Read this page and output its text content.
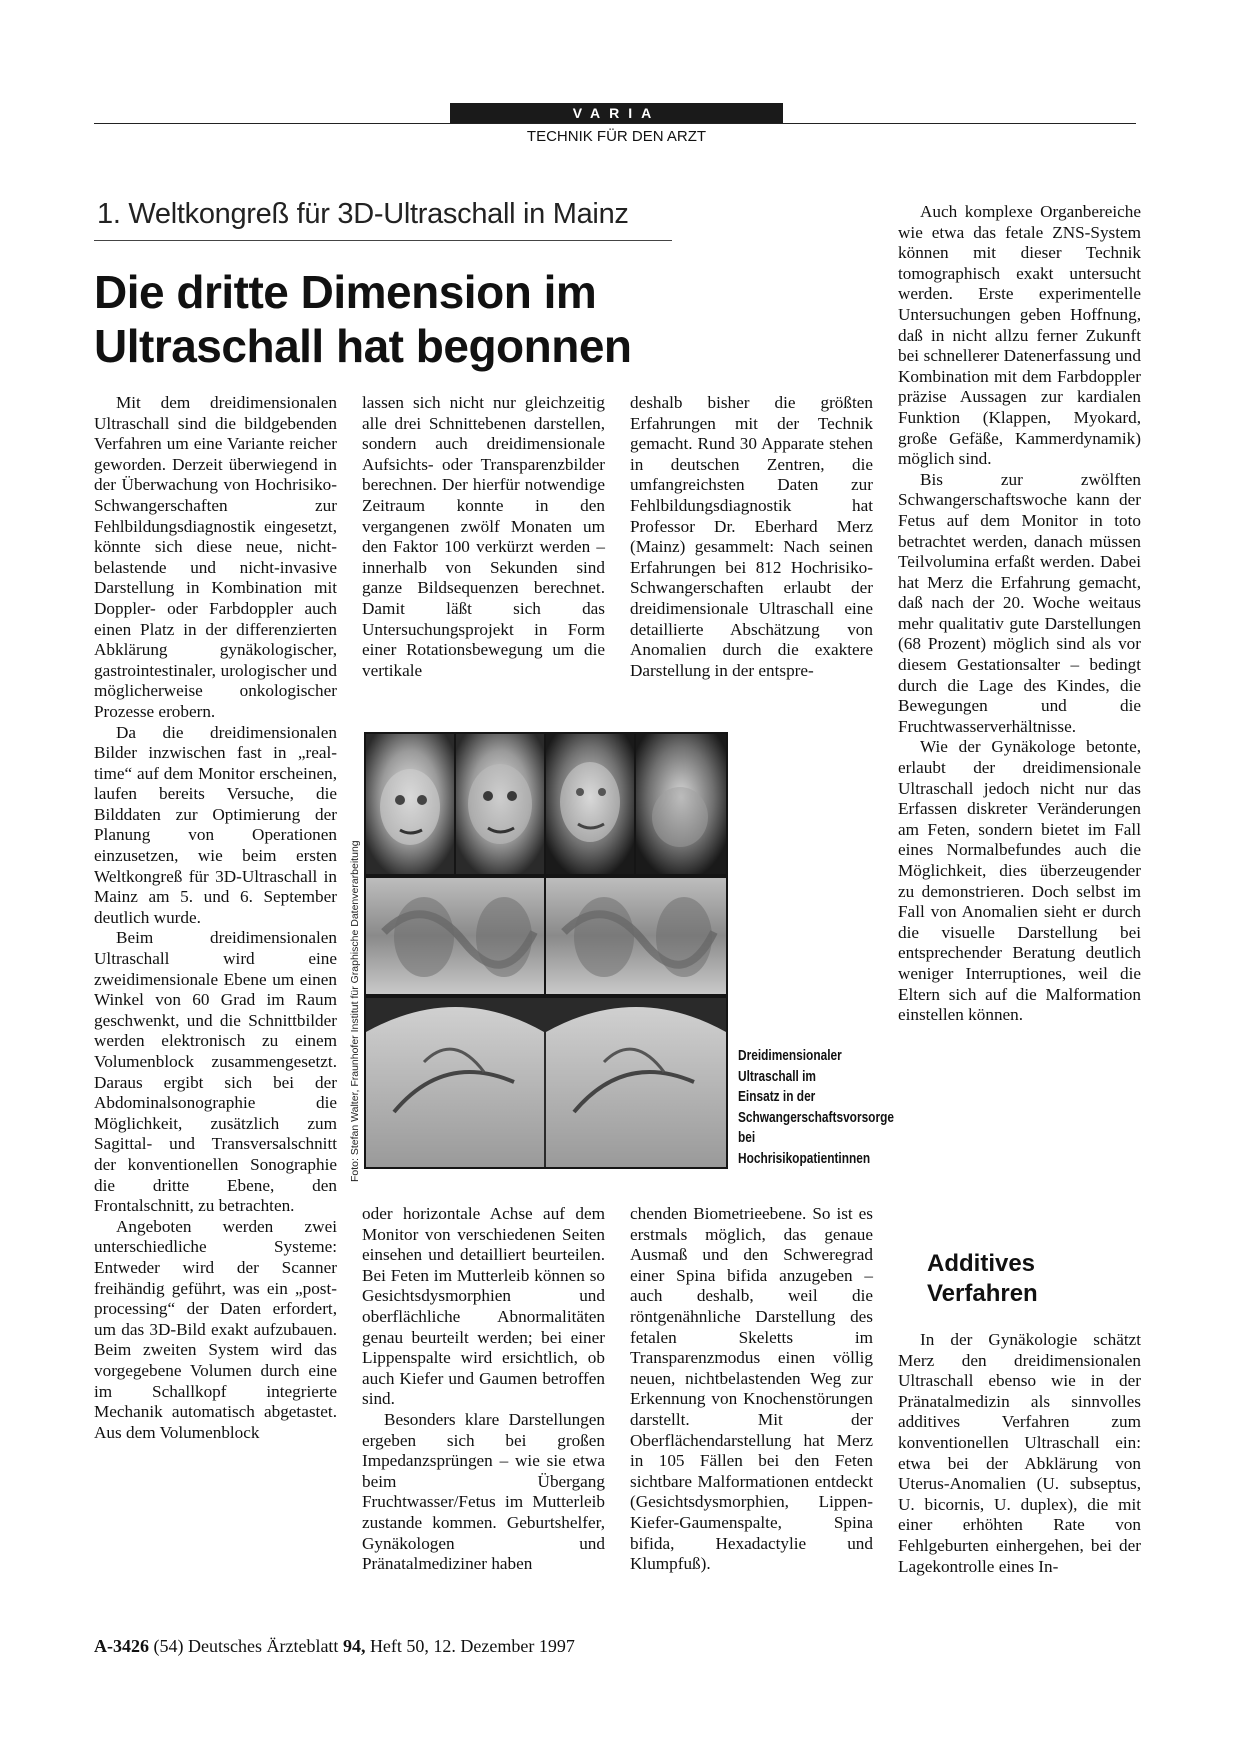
VARIA
TECHNIK FÜR DEN ARZT
1. Weltkongreß für 3D-Ultraschall in Mainz
Die dritte Dimension im
Ultraschall hat begonnen

Mit dem dreidimensionalen Ultraschall sind die bildgebenden Verfahren um eine Variante reicher geworden. Derzeit überwiegend in der Überwachung von Hochrisiko-Schwangerschaften zur Fehlbildungsdiagnostik eingesetzt, könnte sich diese neue, nicht-belastende und nicht-invasive Darstellung in Kombination mit Doppler- oder Farbdoppler auch einen Platz in der differenzierten Abklärung gynäkologischer, gastrointestinaler, urologischer und möglicherweise onkologischer Prozesse erobern.

Da die dreidimensionalen Bilder inzwischen fast in „real-time“ auf dem Monitor erscheinen, laufen bereits Versuche, die Bilddaten zur Optimierung der Planung von Operationen einzusetzen, wie beim ersten Weltkongreß für 3D-Ultraschall in Mainz am 5. und 6. September deutlich wurde.

Beim dreidimensionalen Ultraschall wird eine zweidimensionale Ebene um einen Winkel von 60 Grad im Raum geschwenkt, und die Schnittbilder werden elektronisch zu einem Volumenblock zusammengesetzt. Daraus ergibt sich bei der Abdominalsonographie die Möglichkeit, zusätzlich zum Sagittal- und Transversalschnitt der konventionellen Sonographie die dritte Ebene, den Frontalschnitt, zu betrachten.

Angeboten werden zwei unterschiedliche Systeme: Entweder wird der Scanner freihändig geführt, was ein „post-processing“ der Daten erfordert, um das 3D-Bild exakt aufzubauen. Beim zweiten System wird das vorgegebene Volumen durch eine im Schallkopf integrierte Mechanik automatisch abgetastet. Aus dem Volumenblock

lassen sich nicht nur gleichzeitig alle drei Schnittebenen darstellen, sondern auch dreidimensionale Aufsichts- oder Transparenzbilder berechnen. Der hierfür notwendige Zeitraum konnte in den vergangenen zwölf Monaten um den Faktor 100 verkürzt werden – innerhalb von Sekunden sind ganze Bildsequenzen berechnet. Damit läßt sich das Untersuchungsprojekt in Form einer Rotationsbewegung um die vertikale

deshalb bisher die größten Erfahrungen mit der Technik gemacht. Rund 30 Apparate stehen in deutschen Zentren, die umfangreichsten Daten zur Fehlbildungsdiagnostik hat Professor Dr. Eberhard Merz (Mainz) gesammelt: Nach seinen Erfahrungen bei 812 Hochrisiko-Schwangerschaften erlaubt der dreidimensionale Ultraschall eine detaillierte Abschätzung von Anomalien durch die exaktere Darstellung in der entspre-

Foto: Stefan Walter, Fraunhofer Institut für Graphische Datenverarbeitung	Dreidimensionaler Ultraschall im Einsatz in der Schwangerschaftsvorsorge bei Hochrisikopatientinnen

oder horizontale Achse auf dem Monitor von verschiedenen Seiten einsehen und detailliert beurteilen. Bei Feten im Mutterleib können so Gesichtsdysmorphien und oberflächliche Abnormalitäten genau beurteilt werden; bei einer Lippenspalte wird ersichtlich, ob auch Kiefer und Gaumen betroffen sind.

Besonders klare Darstellungen ergeben sich bei großen Impedanzsprüngen – wie sie etwa beim Übergang Fruchtwasser/Fetus im Mutterleib zustande kommen. Geburtshelfer, Gynäkologen und Pränatalmediziner haben

chenden Biometrieebene. So ist es erstmals möglich, das genaue Ausmaß und den Schweregrad einer Spina bifida anzugeben – auch deshalb, weil die röntgenähnliche Darstellung des fetalen Skeletts im Transparenzmodus einen völlig neuen, nichtbelastenden Weg zur Erkennung von Knochenstörungen darstellt. Mit der Oberflächendarstellung hat Merz in 105 Fällen bei den Feten sichtbare Malformationen entdeckt (Gesichtsdysmorphien, Lippen-Kiefer-Gaumenspalte, Spina bifida, Hexadactylie und Klumpfuß).

Auch komplexe Organbereiche wie etwa das fetale ZNS-System können mit dieser Technik tomographisch exakt untersucht werden. Erste experimentelle Untersuchungen geben Hoffnung, daß in nicht allzu ferner Zukunft bei schnellerer Datenerfassung und Kombination mit dem Farbdoppler präzise Aussagen zur kardialen Funktion (Klappen, Myokard, große Gefäße, Kammerdynamik) möglich sind.

Bis zur zwölften Schwangerschaftswoche kann der Fetus auf dem Monitor in toto betrachtet werden, danach müssen Teilvolumina erfaßt werden. Dabei hat Merz die Erfahrung gemacht, daß nach der 20. Woche weitaus mehr qualitativ gute Darstellungen (68 Prozent) möglich sind als vor diesem Gestationsalter – bedingt durch die Lage des Kindes, die Bewegungen und die Fruchtwasserverhältnisse.

Wie der Gynäkologe betonte, erlaubt der dreidimensionale Ultraschall jedoch nicht nur das Erfassen diskreter Veränderungen am Feten, sondern bietet im Fall eines Normalbefundes auch die Möglichkeit, dies überzeugender zu demonstrieren. Doch selbst im Fall von Anomalien sieht er durch die visuelle Darstellung bei entsprechender Beratung deutlich weniger Interruptiones, weil die Eltern sich auf die Malformation einstellen können.

Additives
Verfahren

In der Gynäkologie schätzt Merz den dreidimensionalen Ultraschall ebenso wie in der Pränatalmedizin als sinnvolles additives Verfahren zum konventionellen Ultraschall ein: etwa bei der Abklärung von Uterus-Anomalien (U. subseptus, U. bicornis, U. duplex), die mit einer erhöhten Rate von Fehlgeburten einhergehen, bei der Lagekontrolle eines In-

A-3426 (54) Deutsches Ärzteblatt 94, Heft 50, 12. Dezember 1997
